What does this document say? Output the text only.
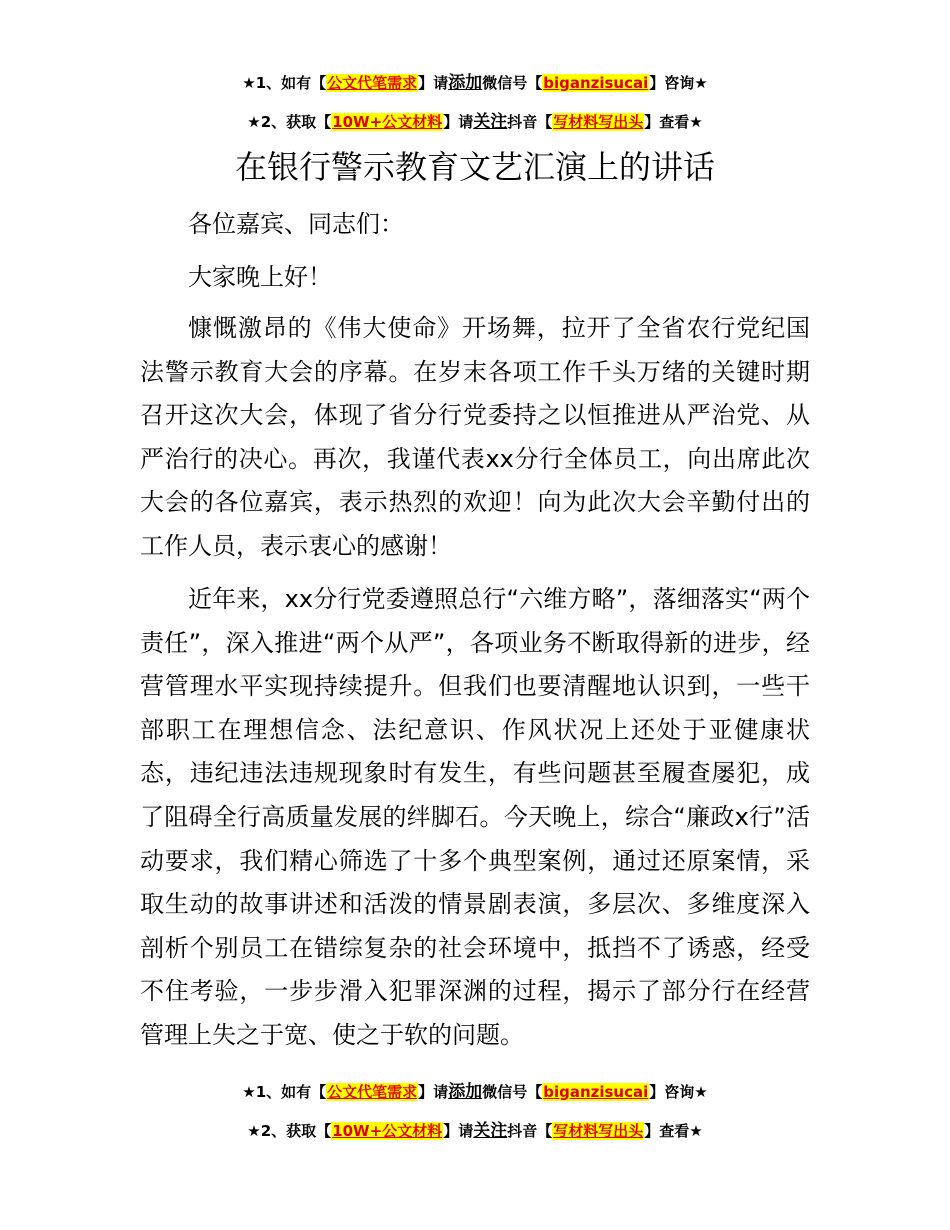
★1、如有【公文代笔需求】请添加微信号【biganzisucai】咨询★
★2、获取【10W+公文材料】请关注抖音【写材料写出头】查看★
在银行警示教育文艺汇演上的讲话
各位嘉宾、同志们：
大家晚上好！
慷慨激昂的《伟大使命》开场舞，拉开了全省农行党纪国法警示教育大会的序幕。在岁末各项工作千头万绪的关键时期召开这次大会，体现了省分行党委持之以恒推进从严治党、从严治行的决心。再次，我谨代表xx分行全体员工，向出席此次大会的各位嘉宾，表示热烈的欢迎！向为此次大会辛勤付出的工作人员，表示衷心的感谢！
近年来，xx分行党委遵照总行“六维方略”，落细落实“两个责任”，深入推进“两个从严”，各项业务不断取得新的进步，经营管理水平实现持续提升。但我们也要清醒地认识到，一些干部职工在理想信念、法纪意识、作风状况上还处于亚健康状态，违纪违法违规现象时有发生，有些问题甚至履查屡犯，成了阻碍全行高质量发展的绊脚石。今天晚上，综合“廉政x行”活动要求，我们精心筛选了十多个典型案例，通过还原案情，采取生动的故事讲述和活泼的情景剧表演，多层次、多维度深入剖析个别员工在错综复杂的社会环境中，抵挡不了诱惑，经受不住考验，一步步滑入犯罪深渊的过程，揭示了部分行在经营管理上失之于宽、使之于软的问题。
★1、如有【公文代笔需求】请添加微信号【biganzisucai】咨询★
★2、获取【10W+公文材料】请关注抖音【写材料写出头】查看★
